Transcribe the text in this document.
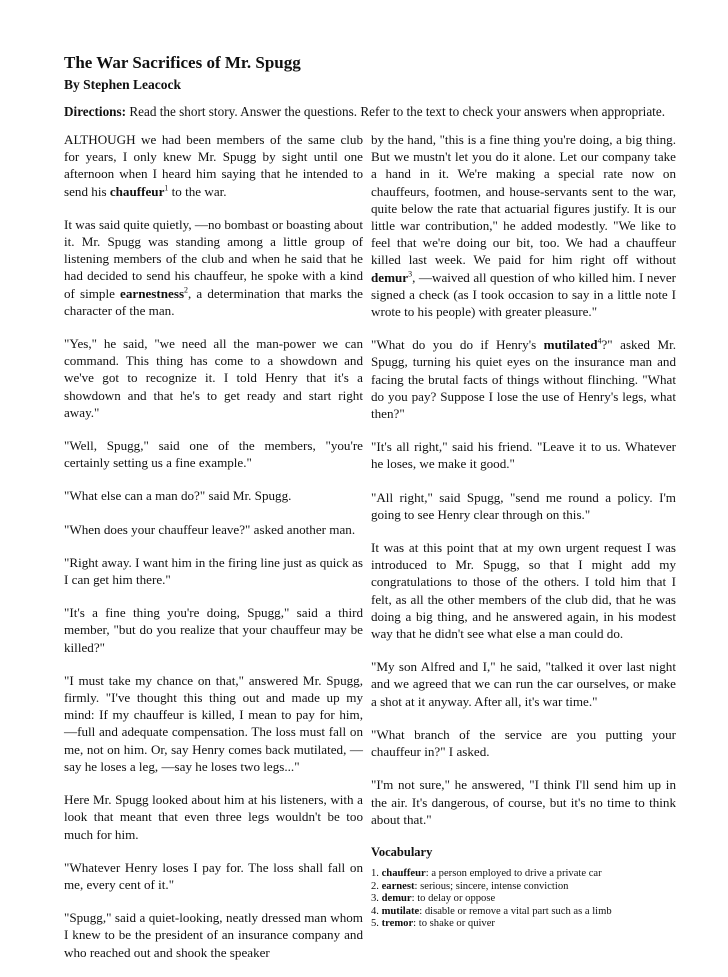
The War Sacrifices of Mr. Spugg
By Stephen Leacock

Directions: Read the short story. Answer the questions. Refer to the text to check your answers when appropriate.

ALTHOUGH we had been members of the same club for years, I only knew Mr. Spugg by sight until one afternoon when I heard him saying that he intended to send his chauffeur$^1$ to the war.

It was said quite quietly, —no bombast or boasting about it. Mr. Spugg was standing among a little group of listening members of the club and when he said that he had decided to send his chauffeur, he spoke with a kind of simple earnestness$^2$, a determination that marks the character of the man.

"Yes," he said, "we need all the man-power we can command. This thing has come to a showdown and we've got to recognize it. I told Henry that it's a showdown and that he's to get ready and start right away."

"Well, Spugg," said one of the members, "you're certainly setting us a fine example."

"What else can a man do?" said Mr. Spugg.

"When does your chauffeur leave?" asked another man.

"Right away. I want him in the firing line just as quick as I can get him there."

"It's a fine thing you're doing, Spugg," said a third member, "but do you realize that your chauffeur may be killed?"

"I must take my chance on that," answered Mr. Spugg, firmly. "I've thought this thing out and made up my mind: If my chauffeur is killed, I mean to pay for him, —full and adequate compensation. The loss must fall on me, not on him. Or, say Henry comes back mutilated, —say he loses a leg, —say he loses two legs..."

Here Mr. Spugg looked about him at his listeners, with a look that meant that even three legs wouldn't be too much for him.

"Whatever Henry loses I pay for. The loss shall fall on me, every cent of it."

"Spugg," said a quiet-looking, neatly dressed man whom I knew to be the president of an insurance company and who reached out and shook the speaker

by the hand, "this is a fine thing you're doing, a big thing. But we mustn't let you do it alone. Let our company take a hand in it. We're making a special rate now on chauffeurs, footmen, and house-servants sent to the war, quite below the rate that actuarial figures justify. It is our little war contribution," he added modestly. "We like to feel that we're doing our bit, too. We had a chauffeur killed last week. We paid for him right off without demur$^3$, —waived all question of who killed him. I never signed a check (as I took occasion to say in a little note I wrote to his people) with greater pleasure."

"What do you do if Henry's mutilated$^4$?" asked Mr. Spugg, turning his quiet eyes on the insurance man and facing the brutal facts of things without flinching. "What do you pay? Suppose I lose the use of Henry's legs, what then?"

"It's all right," said his friend. "Leave it to us. Whatever he loses, we make it good."

"All right," said Spugg, "send me round a policy. I'm going to see Henry clear through on this."

It was at this point that at my own urgent request I was introduced to Mr. Spugg, so that I might add my congratulations to those of the others. I told him that I felt, as all the other members of the club did, that he was doing a big thing, and he answered again, in his modest way that he didn't see what else a man could do.

"My son Alfred and I," he said, "talked it over last night and we agreed that we can run the car ourselves, or make a shot at it anyway. After all, it's war time."

"What branch of the service are you putting your chauffeur in?" I asked.

"I'm not sure," he answered, "I think I'll send him up in the air. It's dangerous, of course, but it's no time to think about that."

Vocabulary

1. chauffeur: a person employed to drive a private car
2. earnest: serious; sincere, intense conviction
3. demur: to delay or oppose
4. mutilate: disable or remove a vital part such as a limb
5. tremor: to shake or quiver
